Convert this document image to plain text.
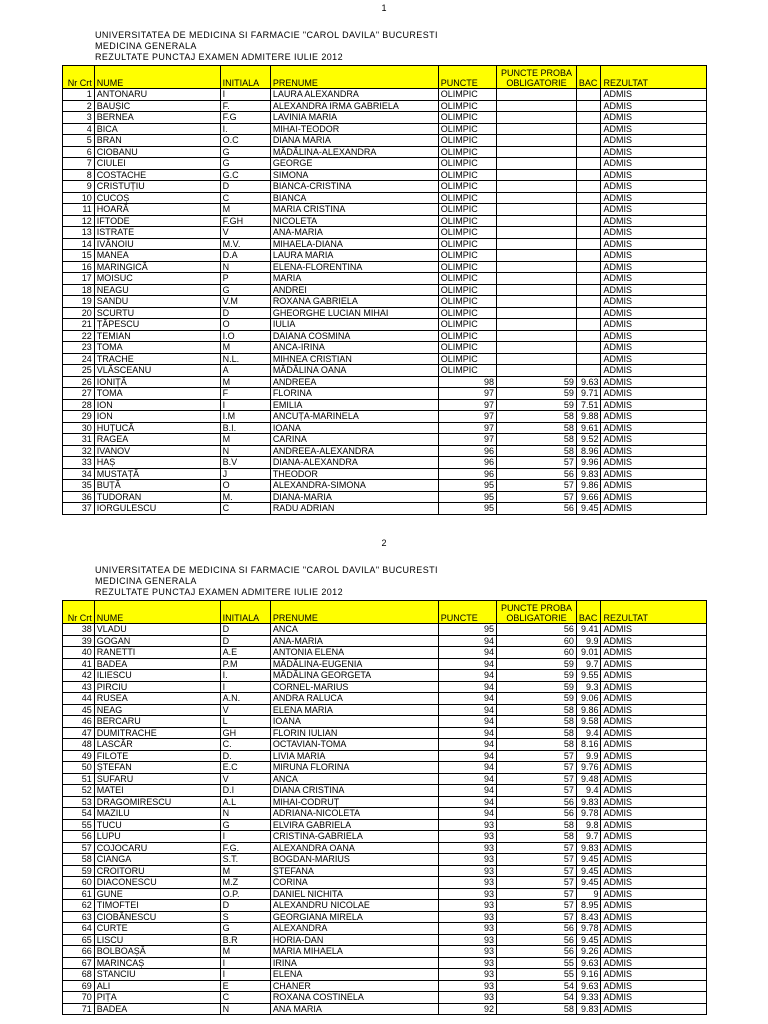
1
UNIVERSITATEA DE MEDICINA SI FARMACIE "CAROL DAVILA" BUCURESTI
MEDICINA GENERALA
REZULTATE PUNCTAJ EXAMEN ADMITERE IULIE 2012
Nr Crt	NUME	INITIALA	PRENUME	PUNCTE	PUNCTE PROBA OBLIGATORIE	BAC	REZULTAT
1	ANTONARU	I	LAURA ALEXANDRA	OLIMPIC			ADMIS
2	BAUȘIC	F.	ALEXANDRA IRMA GABRIELA	OLIMPIC			ADMIS
3	BERNEA	F.G	LAVINIA MARIA	OLIMPIC			ADMIS
4	BICA	I.	MIHAI-TEODOR	OLIMPIC			ADMIS
5	BRAN	O.C	DIANA MARIA	OLIMPIC			ADMIS
6	CIOBANU	G	MĂDĂLINA-ALEXANDRA	OLIMPIC			ADMIS
7	CIULEI	G	GEORGE	OLIMPIC			ADMIS
8	COSTACHE	G.C	SIMONA	OLIMPIC			ADMIS
9	CRISTUȚIU	D	BIANCA-CRISTINA	OLIMPIC			ADMIS
10	CUCOȘ	C	BIANCA	OLIMPIC			ADMIS
11	HOARĂ	M	MARIA CRISTINA	OLIMPIC			ADMIS
12	IFTODE	F.GH	NICOLETA	OLIMPIC			ADMIS
13	ISTRATE	V	ANA-MARIA	OLIMPIC			ADMIS
14	IVĂNOIU	M.V.	MIHAELA-DIANA	OLIMPIC			ADMIS
15	MANEA	D.A	LAURA MARIA	OLIMPIC			ADMIS
16	MARINGICĂ	N	ELENA-FLORENTINA	OLIMPIC			ADMIS
17	MOISUC	P	MARIA	OLIMPIC			ADMIS
18	NEAGU	G	ANDREI	OLIMPIC			ADMIS
19	SANDU	V.M	ROXANA GABRIELA	OLIMPIC			ADMIS
20	SCURTU	D	GHEORGHE LUCIAN MIHAI	OLIMPIC			ADMIS
21	ȚĂPESCU	O	IULIA	OLIMPIC			ADMIS
22	TEMIAN	I.O	DAIANA COSMINA	OLIMPIC			ADMIS
23	TOMA	M	ANCA-IRINA	OLIMPIC			ADMIS
24	TRACHE	N.L.	MIHNEA CRISTIAN	OLIMPIC			ADMIS
25	VLĂSCEANU	A	MĂDĂLINA OANA	OLIMPIC			ADMIS
26	IONIȚĂ	M	ANDREEA	98	59	9.63	ADMIS
27	TOMA	F	FLORINA	97	59	9.71	ADMIS
28	ION	I	EMILIA	97	59	7.51	ADMIS
29	ION	I.M	ANCUȚA-MARINELA	97	58	9.88	ADMIS
30	HUȚUCĂ	B.I.	IOANA	97	58	9.61	ADMIS
31	RAGEA	M	CARINA	97	58	9.52	ADMIS
32	IVANOV	N	ANDREEA-ALEXANDRA	96	58	8.96	ADMIS
33	HAȘ	B.V	DIANA-ALEXANDRA	96	57	9.96	ADMIS
34	MUSTAȚĂ	J	THEODOR	96	56	9.83	ADMIS
35	BUȚĂ	O	ALEXANDRA-SIMONA	95	57	9.86	ADMIS
36	TUDORAN	M.	DIANA-MARIA	95	57	9.66	ADMIS
37	IORGULESCU	C	RADU ADRIAN	95	56	9.45	ADMIS
2
UNIVERSITATEA DE MEDICINA SI FARMACIE "CAROL DAVILA" BUCURESTI
MEDICINA GENERALA
REZULTATE PUNCTAJ EXAMEN ADMITERE IULIE 2012
Nr Crt	NUME	INITIALA	PRENUME	PUNCTE	PUNCTE PROBA OBLIGATORIE	BAC	REZULTAT
38	VLADU	D	ANCA	95	56	9.41	ADMIS
39	GOGAN	D	ANA-MARIA	94	60	9.9	ADMIS
40	RANETTI	A.E	ANTONIA ELENA	94	60	9.01	ADMIS
41	BADEA	P.M	MĂDĂLINA-EUGENIA	94	59	9.7	ADMIS
42	ILIESCU	I.	MĂDĂLINA GEORGETA	94	59	9.55	ADMIS
43	PIRCIU	I	CORNEL-MARIUS	94	59	9.3	ADMIS
44	RUSEA	A.N.	ANDRA RALUCA	94	59	9.06	ADMIS
45	NEAG	V	ELENA MARIA	94	58	9.86	ADMIS
46	BERCARU	L	IOANA	94	58	9.58	ADMIS
47	DUMITRACHE	GH	FLORIN IULIAN	94	58	9.4	ADMIS
48	LASCĂR	C.	OCTAVIAN-TOMA	94	58	8.16	ADMIS
49	FILOTE	D.	LIVIA MARIA	94	57	9.9	ADMIS
50	ȘTEFAN	E.C	MIRUNA FLORINA	94	57	9.76	ADMIS
51	SUFARU	V	ANCA	94	57	9.48	ADMIS
52	MATEI	D.I	DIANA CRISTINA	94	57	9.4	ADMIS
53	DRAGOMIRESCU	A.L	MIHAI-CODRUȚ	94	56	9.83	ADMIS
54	MAZILU	N	ADRIANA-NICOLETA	94	56	9.78	ADMIS
55	TUCU	G	ELVIRA GABRIELA	93	58	9.8	ADMIS
56	LUPU	I	CRISTINA-GABRIELA	93	58	9.7	ADMIS
57	COJOCARU	F.G.	ALEXANDRA OANA	93	57	9.83	ADMIS
58	CIANGA	S.T.	BOGDAN-MARIUS	93	57	9.45	ADMIS
59	CROITORU	M	ȘTEFANA	93	57	9.45	ADMIS
60	DIACONESCU	M.Z	CORINA	93	57	9.45	ADMIS
61	GUNE	O.P.	DANIEL NICHITA	93	57	9	ADMIS
62	TIMOFTEI	D	ALEXANDRU NICOLAE	93	57	8.95	ADMIS
63	CIOBĂNESCU	S	GEORGIANA MIRELA	93	57	8.43	ADMIS
64	CURTE	G	ALEXANDRA	93	56	9.78	ADMIS
65	LISCU	B.R	HORIA-DAN	93	56	9.45	ADMIS
66	BOLBOAȘĂ	M	MARIA MIHAELA	93	56	9.26	ADMIS
67	MARINCAȘ	I	IRINA	93	55	9.63	ADMIS
68	STANCIU	I	ELENA	93	55	9.16	ADMIS
69	ALI	E	CHANER	93	54	9.63	ADMIS
70	PIȚA	C	ROXANA COSTINELA	93	54	9.33	ADMIS
71	BADEA	N	ANA MARIA	92	58	9.83	ADMIS
